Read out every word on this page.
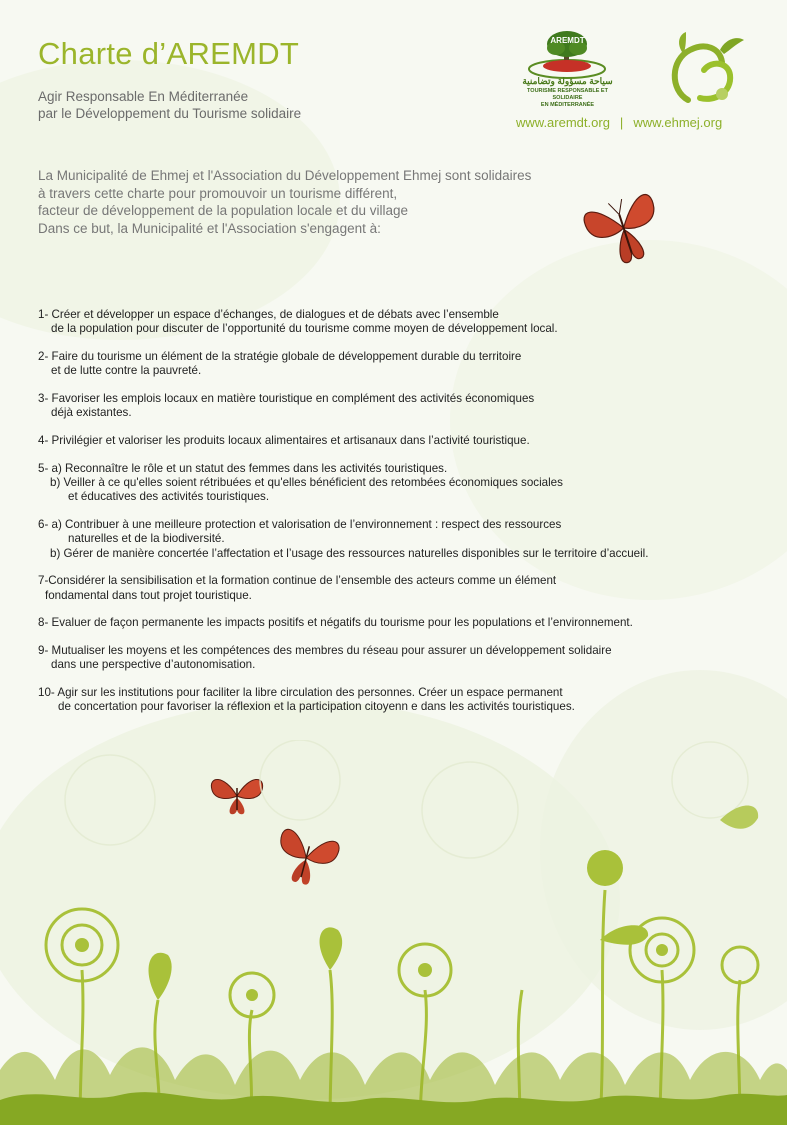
Charte d’AREMDT
Agir Responsable En Méditerranée
par le Développement du Tourisme solidaire
AREMDT
سياحة مسؤولة وتضامنية
TOURISME RESPONSABLE ET SOLIDAIRE
EN MÉDITERRANÉE
www.aremdt.org | www.ehmej.org
La Municipalité de Ehmej et l'Association du Développement Ehmej sont solidaires
à travers cette charte pour promouvoir un tourisme différent,
facteur de développement de la population locale et du village
Dans ce but, la Municipalité et l'Association s'engagent à:
1- Créer et développer un espace d’échanges, de dialogues et de débats avec l’ensemble
de la population pour discuter de l’opportunité du tourisme comme moyen de développement local.
2- Faire du tourisme un élément de la stratégie globale de développement durable du territoire
et de lutte contre la pauvreté.
3- Favoriser les emplois locaux en matière touristique en complément des activités économiques
déjà existantes.
4- Privilégier et valoriser les produits locaux alimentaires et artisanaux dans l’activité touristique.
5- a) Reconnaître le rôle et un statut des femmes dans les activités touristiques.
b) Veiller à ce qu'elles soient rétribuées et qu'elles bénéficient des retombées économiques sociales
et éducatives des activités touristiques.
6- a) Contribuer à une meilleure protection et valorisation de l’environnement : respect des ressources
naturelles et de la biodiversité.
b) Gérer de manière concertée l’affectation et l’usage des ressources naturelles disponibles sur le territoire d’accueil.
7-Considérer la sensibilisation et la formation continue de l’ensemble des acteurs comme un élément
fondamental dans tout projet touristique.
8- Evaluer de façon permanente les impacts positifs et négatifs du tourisme pour les populations et l’environnement.
9- Mutualiser les moyens et les compétences des membres du réseau pour assurer un développement solidaire
dans une perspective d’autonomisation.
10- Agir sur les institutions pour faciliter la libre circulation des personnes. Créer un espace permanent
de concertation pour favoriser la réflexion et la participation citoyenn e dans les activités touristiques.
